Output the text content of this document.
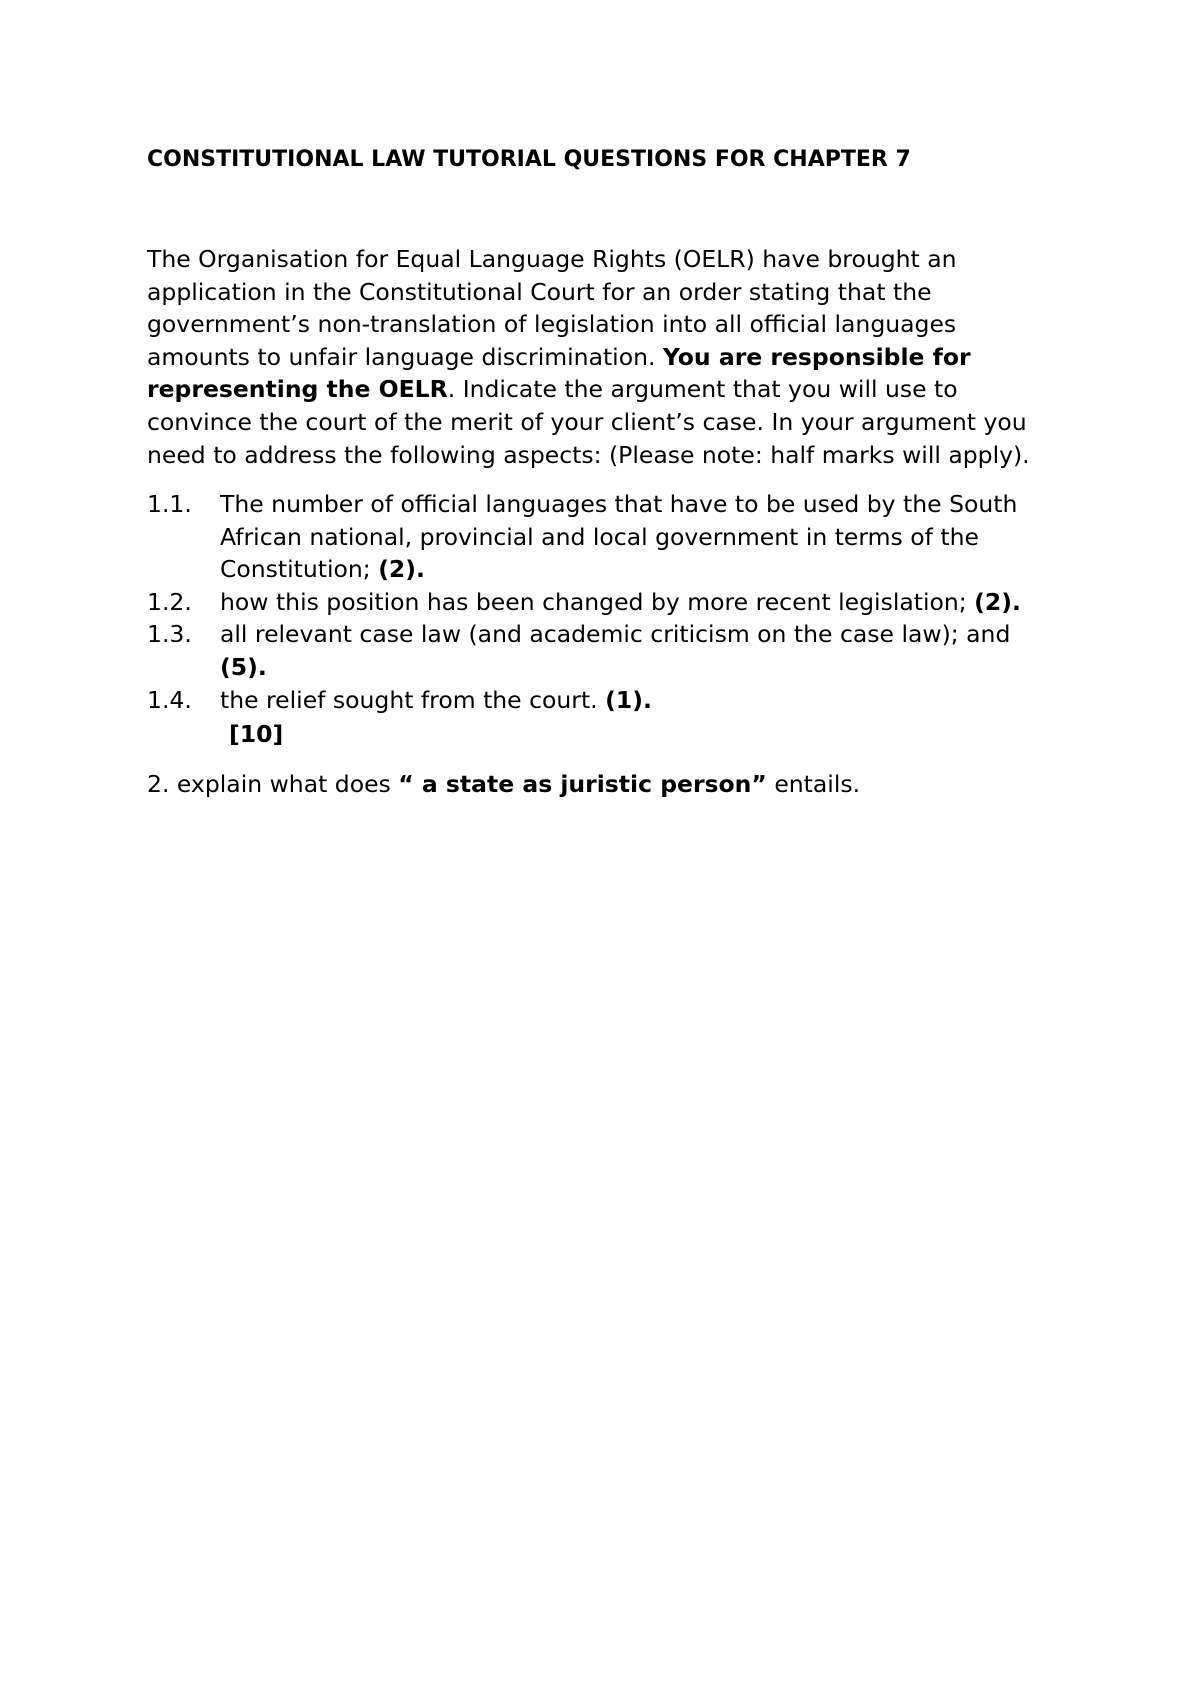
CONSTITUTIONAL LAW TUTORIAL QUESTIONS FOR CHAPTER 7
The Organisation for Equal Language Rights (OELR) have brought an
application in the Constitutional Court for an order stating that the
government’s non-translation of legislation into all official languages
amounts to unfair language discrimination. You are responsible for
representing the OELR. Indicate the argument that you will use to
convince the court of the merit of your client’s case. In your argument you
need to address the following aspects: (Please note: half marks will apply).
1.1. The number of official languages that have to be used by the South
African national, provincial and local government in terms of the
Constitution; (2).
1.2. how this position has been changed by more recent legislation; (2).
1.3. all relevant case law (and academic criticism on the case law); and
(5).
1.4. the relief sought from the court. (1).
[10]
2. explain what does “ a state as juristic person” entails.
